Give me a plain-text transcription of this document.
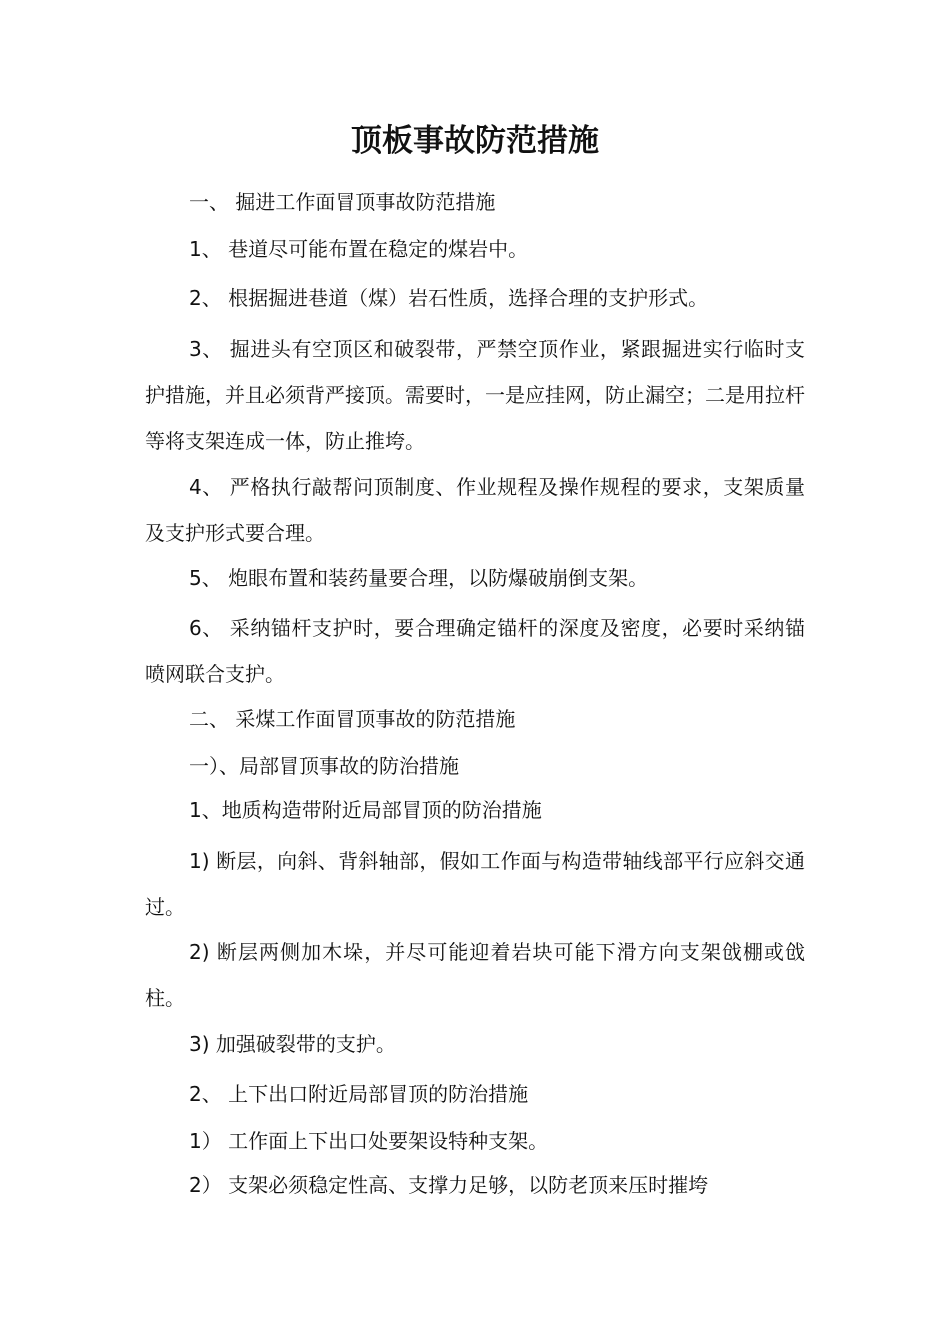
顶板事故防范措施

一、 掘进工作面冒顶事故防范措施

1、 巷道尽可能布置在稳定的煤岩中。

2、 根据掘进巷道（煤）岩石性质，选择合理的支护形式。

3、 掘进头有空顶区和破裂带，严禁空顶作业，紧跟掘进实行临时支护措施，并且必须背严接顶。需要时，一是应挂网，防止漏空；二是用拉杆等将支架连成一体，防止推垮。

4、 严格执行敲帮问顶制度、作业规程及操作规程的要求，支架质量及支护形式要合理。

5、 炮眼布置和装药量要合理，以防爆破崩倒支架。

6、 采纳锚杆支护时，要合理确定锚杆的深度及密度，必要时采纳锚喷网联合支护。

二、 采煤工作面冒顶事故的防范措施

一）、局部冒顶事故的防治措施

1、地质构造带附近局部冒顶的防治措施

1) 断层，向斜、背斜轴部，假如工作面与构造带轴线部平行应斜交通过。

2) 断层两侧加木垛，并尽可能迎着岩块可能下滑方向支架戗棚或戗柱。

3) 加强破裂带的支护。

2、 上下出口附近局部冒顶的防治措施

1） 工作面上下出口处要架设特种支架。

2） 支架必须稳定性高、支撑力足够，以防老顶来压时摧垮
